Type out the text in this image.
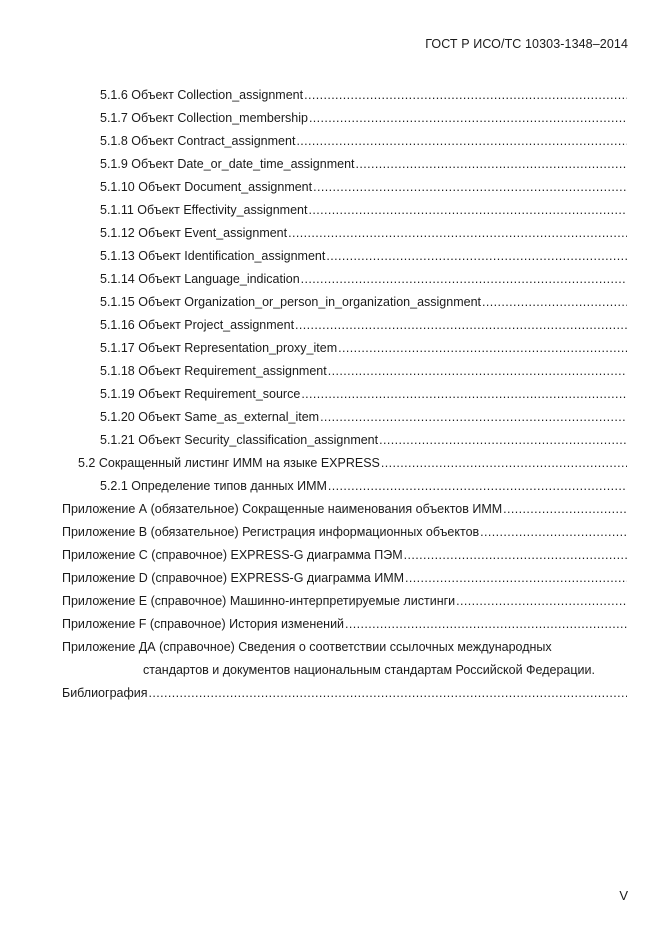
ГОСТ Р ИСО/ТС 10303-1348–2014
5.1.6 Объект Collection_assignment
.....
5.1.7 Объект Collection_membership
.....
5.1.8 Объект Contract_assignment
.....
5.1.9 Объект Date_or_date_time_assignment
.....
5.1.10 Объект Document_assignment
.....
5.1.11 Объект Effectivity_assignment
.....
5.1.12 Объект Event_assignment
.....
5.1.13 Объект Identification_assignment
.....
5.1.14 Объект Language_indication
.....
5.1.15 Объект Organization_or_person_in_organization_assignment
.....
5.1.16 Объект Project_assignment
.....
5.1.17 Объект Representation_proxy_item
.....
5.1.18 Объект Requirement_assignment
.....
5.1.19 Объект Requirement_source
.....
5.1.20 Объект Same_as_external_item
.....
5.1.21 Объект Security_classification_assignment
.....
5.2 Сокращенный листинг ИММ на языке EXPRESS
.....
5.2.1 Определение типов данных ИММ
.....
Приложение А (обязательное) Сокращенные наименования объектов ИММ
.....
Приложение В (обязательное) Регистрация информационных объектов
.....
Приложение С (справочное) EXPRESS-G диаграмма ПЭМ
.....
Приложение D (справочное) EXPRESS-G диаграмма ИММ
.....
Приложение Е (справочное) Машинно-интерпретируемые листинги
.....
Приложение F (справочное) История изменений
.....
Приложение ДА (справочное) Сведения о соответствии ссылочных международных
стандартов и документов национальным стандартам Российской Федерации.
Библиография
.....
V
